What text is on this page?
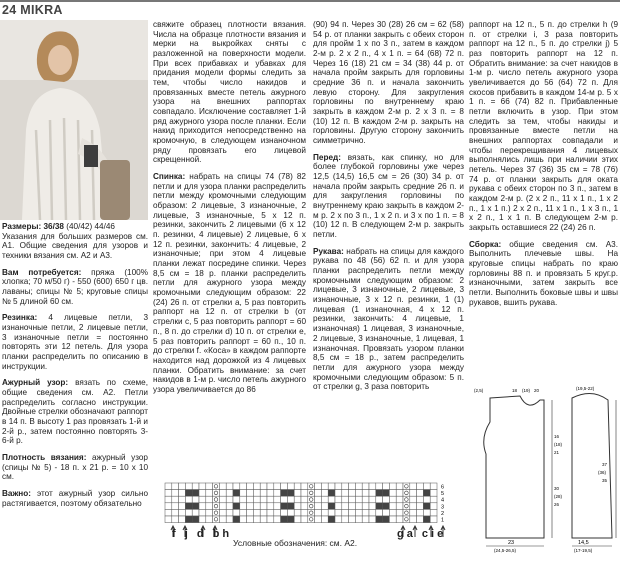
24 MIKRA

Размеры: 36/38 (40/42) 44/46
Указания для больших размеров см. А1. Общие сведения для узоров и техники вязания см. А2 и А3.

Вам потребуется: пряжа (100% хлопка; 70 м/50 г) - 550 (600) 650 г цв. лаваны; спицы № 5; круговые спицы № 5 длиной 60 см.

Резинка: 4 лицевые петли, 3 изнаночные петли, 2 лицевые петли, 3 изнаночные петли = постоянно повторять эти 12 петель. Для узора планки распределить по описанию в инструкции.

Ажурный узор: вязать по схеме, общие сведения см. А2. Петли распределить согласно инструкции. Двойные стрелки обозначают раппорт в 14 п. В высоту 1 раз провязать 1-й и 2-й р., затем постоянно повторять 3-6-й р.

Плотность вязания: ажурный узор (спицы № 5) - 18 п. x 21 р. = 10 x 10 см.

Важно: этот ажурный узор сильно растягивается, поэтому обязательно

свяжите образец плотности вязания. Числа на образце плотности вязания и мерки на выкройках сняты с разложенной на поверхности модели. При всех прибавках и убавках для придания модели формы следить за тем, чтобы число накидов и провязанных вместе петель ажурного узора на внешних раппортах совпадало. Исключение составляет 1-й ряд ажурного узора после планки. Если накид приходится непосредственно на кромочную, в следующем изнаночном ряду провязать его лицевой скрещенной.

Спинка: набрать на спицы 74 (78) 82 петли и для узора планки распределить петли между кромочными следующим образом: 2 лицевые, 3 изнаночные, 2 лицевые, 3 изнаночные, 5 x 12 п. резинки, закончить 2 лицевыми (6 x 12 п. резинки, 4 лицевые) 2 лицевые, 6 x 12 п. резинки, закончить: 4 лицевые, 2 изнаночные; при этом 4 лицевые планки лежат посредине спинки. Через 8,5 см = 18 р. планки распределить петли для ажурного узора между кромочными следующим образом: 22 (24) 26 п. от стрелки а, 5 раз повторить раппорт на 12 п. от стрелки b (от стрелки c, 5 раз повторить раппорт = 60 п., 8 п. до стрелки d) 10 п. от стрелки e, 5 раз повторить раппорт = 60 п., 10 п. до стрелки f. «Коса» в каждом раппорте находится над дорожкой из 4 лицевых планки. Обратить внимание: за счет накидов в 1-м р. число петель ажурного узора увеличивается до 86

(90) 94 п. Через 30 (28) 26 см = 62 (58) 54 р. от планки закрыть с обеих сторон для пройм 1 x по 3 п., затем в каждом 2-м р. 2 x 2 п., 4 x 1 п. = 64 (68) 72 п. Через 16 (18) 21 см = 34 (38) 44 р. от начала пройм закрыть для горловины средние 36 п. и начала закончить левую сторону. Для закругления горловины по внутреннему краю закрыть в каждом 2-м р. 2 x 3 п. = 8 (10) 12 п. В каждом 2-м р. закрыть на горловины. Другую сторону закончить симметрично.

Перед: вязать, как спинку, но для более глубокой горловины уже через 12,5 (14,5) 16,5 см = 26 (30) 34 р. от начала пройм закрыть средние 26 п. и для закругления горловины по внутреннему краю закрыть в каждом 2-м р. 2 x по 3 п., 1 x 2 п. и 3 x по 1 п. = 8 (10) 12 п. В следующем 2-м р. закрыть петли.

Рукава: набрать на спицы для каждого рукава по 48 (56) 62 п. и для узора планки распределить петли между кромочными следующим образом: 2 лицевые, 3 изнаночные, 2 лицевые, 3 изнаночные, 3 x 12 п. резинки, 1 (1) лицевая (1 изнаночная, 4 x 12 п. резинки, закончить: 4 лицевые, 1 изнаночная) 1 лицевая, 3 изнаночные, 2 лицевые, 3 изнаночные, 1 лицевая, 1 изнаночная. Провязать узором планки 8,5 см = 18 р., затем распределить петли для ажурного узора между кромочными следующим образом: 5 п. от стрелки g, 3 раза повторить

раппорт на 12 п., 5 п. до стрелки h (9 п. от стрелки i, 3 раза повторить раппорт на 12 п., 5 п. до стрелки j) 5 раз повторить раппорт на 12 п. Обратить внимание: за счет накидов в 1-м р. число петель ажурного узора увеличивается до 56 (64) 72 п. Для скосов прибавить в каждом 14-м р. 5 x 1 п. = 66 (74) 82 п. Прибавленные петли включить в узор. При этом следить за тем, чтобы накиды и провязанные вместе петли на внешних раппортах совпадали и чтобы перекрещивания 4 лицевых выполнялись лишь при наличии этих петель. Через 37 (36) 35 см = 78 (76) 74 р. от планки закрыть для оката рукава с обеих сторон по 3 п., затем в каждом 2-м р. (2 x 2 п., 11 x 1 п., 1 x 2 п., 1 x 1 п.) 2 x 2 п., 11 x 1 п., 1 x 3 п., 1 x 2 п., 1 x 1 п. В следующем 2-м р. закрыть оставшиеся 22 (24) 26 п.

Сборка: общие сведения см. А3. Выполнить плечевые швы. На круговые спицы набрать по краю горловины 88 п. и провязать 5 круг.р. изнаночными, затем закрыть все петли. Выполнить боковые швы и швы рукавов, вшить рукава.

6
5
4
3
2
1
f j d bh	ga cie
Условные обозначения: см. А2.	23
(24,5-26,5)
14,5
(17-19,5)
(19,5-22)
(2,5)	18 (19) 20
16
(18)
21
30
(28)
26
37
(36)
35
